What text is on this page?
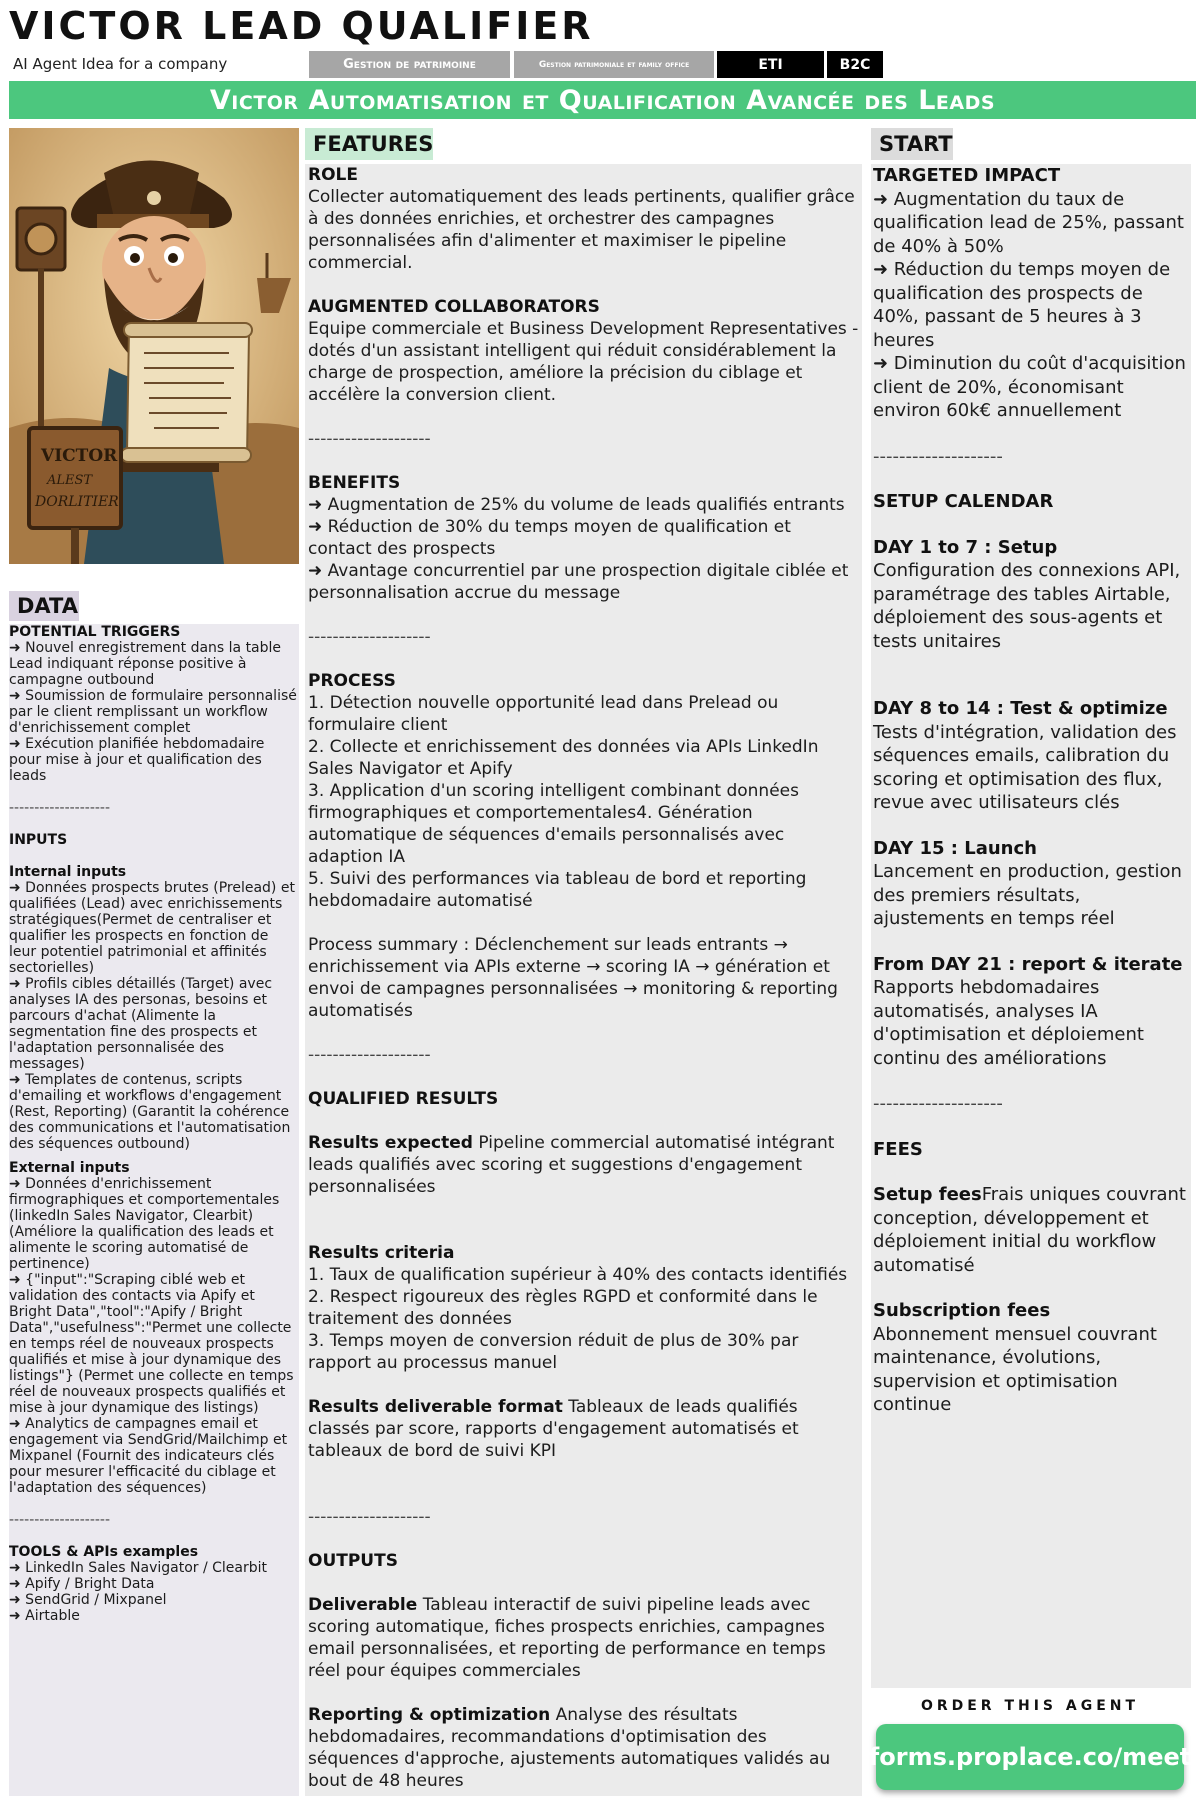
VICTOR LEAD QUALIFIER
AI Agent Idea for a company	Gestion de patrimoine	Gestion patrimoniale et family office	ETI	B2C
Victor Automatisation et Qualification Avancée des Leads
VICTOR
ALEST
DORLITIER
DATA
POTENTIAL TRIGGERS
➜ Nouvel enregistrement dans la table Lead indiquant réponse positive à campagne outbound
➜ Soumission de formulaire personnalisé par le client remplissant un workflow d'enrichissement complet
➜ Exécution planifiée hebdomadaire pour mise à jour et qualification des leads
--------------------
INPUTS
Internal inputs
➜ Données prospects brutes (Prelead) et qualifiées (Lead) avec enrichissements stratégiques(Permet de centraliser et qualifier les prospects en fonction de leur potentiel patrimonial et affinités sectorielles)
➜ Profils cibles détaillés (Target) avec analyses IA des personas, besoins et parcours d'achat (Alimente la segmentation fine des prospects et l'adaptation personnalisée des messages)
➜ Templates de contenus, scripts d'emailing et workflows d'engagement (Rest, Reporting) (Garantit la cohérence des communications et l'automatisation des séquences outbound)
External inputs
➜ Données d'enrichissement firmographiques et comportementales (linkedIn Sales Navigator, Clearbit) (Améliore la qualification des leads et alimente le scoring automatisé de pertinence)
➜ {"input":"Scraping ciblé web et validation des contacts via Apify et Bright Data","tool":"Apify / Bright Data","usefulness":"Permet une collecte en temps réel de nouveaux prospects qualifiés et mise à jour dynamique des listings"} (Permet une collecte en temps réel de nouveaux prospects qualifiés et mise à jour dynamique des listings)
➜ Analytics de campagnes email et engagement via SendGrid/Mailchimp et Mixpanel (Fournit des indicateurs clés pour mesurer l'efficacité du ciblage et l'adaptation des séquences)
--------------------
TOOLS & APIs examples
➜ LinkedIn Sales Navigator / Clearbit
➜ Apify / Bright Data
➜ SendGrid / Mixpanel
➜ Airtable
FEATURES
ROLE
Collecter automatiquement des leads pertinents, qualifier grâce à des données enrichies, et orchestrer des campagnes personnalisées afin d'alimenter et maximiser le pipeline commercial.
AUGMENTED COLLABORATORS
Equipe commerciale et Business Development Representatives - dotés d'un assistant intelligent qui réduit considérablement la charge de prospection, améliore la précision du ciblage et accélère la conversion client.
--------------------
BENEFITS
➜ Augmentation de 25% du volume de leads qualifiés entrants
➜ Réduction de 30% du temps moyen de qualification et contact des prospects
➜ Avantage concurrentiel par une prospection digitale ciblée et personnalisation accrue du message
--------------------
PROCESS
1. Détection nouvelle opportunité lead dans Prelead ou formulaire client
2. Collecte et enrichissement des données via APIs LinkedIn Sales Navigator et Apify
3. Application d'un scoring intelligent combinant données firmographiques et comportementales4. Génération automatique de séquences d'emails personnalisés avec adaption IA
5. Suivi des performances via tableau de bord et reporting hebdomadaire automatisé
Process summary : Déclenchement sur leads entrants → enrichissement via APIs externe → scoring IA → génération et envoi de campagnes personnalisées → monitoring & reporting automatisés
--------------------
QUALIFIED RESULTS
Results expected Pipeline commercial automatisé intégrant leads qualifiés avec scoring et suggestions d'engagement personnalisées
Results criteria
1. Taux de qualification supérieur à 40% des contacts identifiés
2. Respect rigoureux des règles RGPD et conformité dans le traitement des données
3. Temps moyen de conversion réduit de plus de 30% par rapport au processus manuel
Results deliverable format Tableaux de leads qualifiés classés par score, rapports d'engagement automatisés et tableaux de bord de suivi KPI
--------------------
OUTPUTS
Deliverable Tableau interactif de suivi pipeline leads avec scoring automatique, fiches prospects enrichies, campagnes email personnalisées, et reporting de performance en temps réel pour équipes commerciales
Reporting & optimization Analyse des résultats hebdomadaires, recommandations d'optimisation des séquences d'approche, ajustements automatiques validés au bout de 48 heures
START
TARGETED IMPACT
➜ Augmentation du taux de qualification lead de 25%, passant de 40% à 50%
➜ Réduction du temps moyen de qualification des prospects de 40%, passant de 5 heures à 3 heures
➜ Diminution du coût d'acquisition client de 20%, économisant environ 60k€ annuellement
--------------------
SETUP CALENDAR
DAY 1 to 7 : Setup
Configuration des connexions API, paramétrage des tables Airtable, déploiement des sous-agents et tests unitaires
DAY 8 to 14 : Test & optimize
Tests d'intégration, validation des séquences emails, calibration du scoring et optimisation des flux, revue avec utilisateurs clés
DAY 15 : Launch
Lancement en production, gestion des premiers résultats, ajustements en temps réel
From DAY 21 : report & iterate
Rapports hebdomadaires automatisés, analyses IA d'optimisation et déploiement continu des améliorations
--------------------
FEES
Setup feesFrais uniques couvrant conception, développement et déploiement initial du workflow automatisé
Subscription fees
Abonnement mensuel couvrant maintenance, évolutions, supervision et optimisation continue
ORDER THIS AGENT
forms.proplace.co/meet
